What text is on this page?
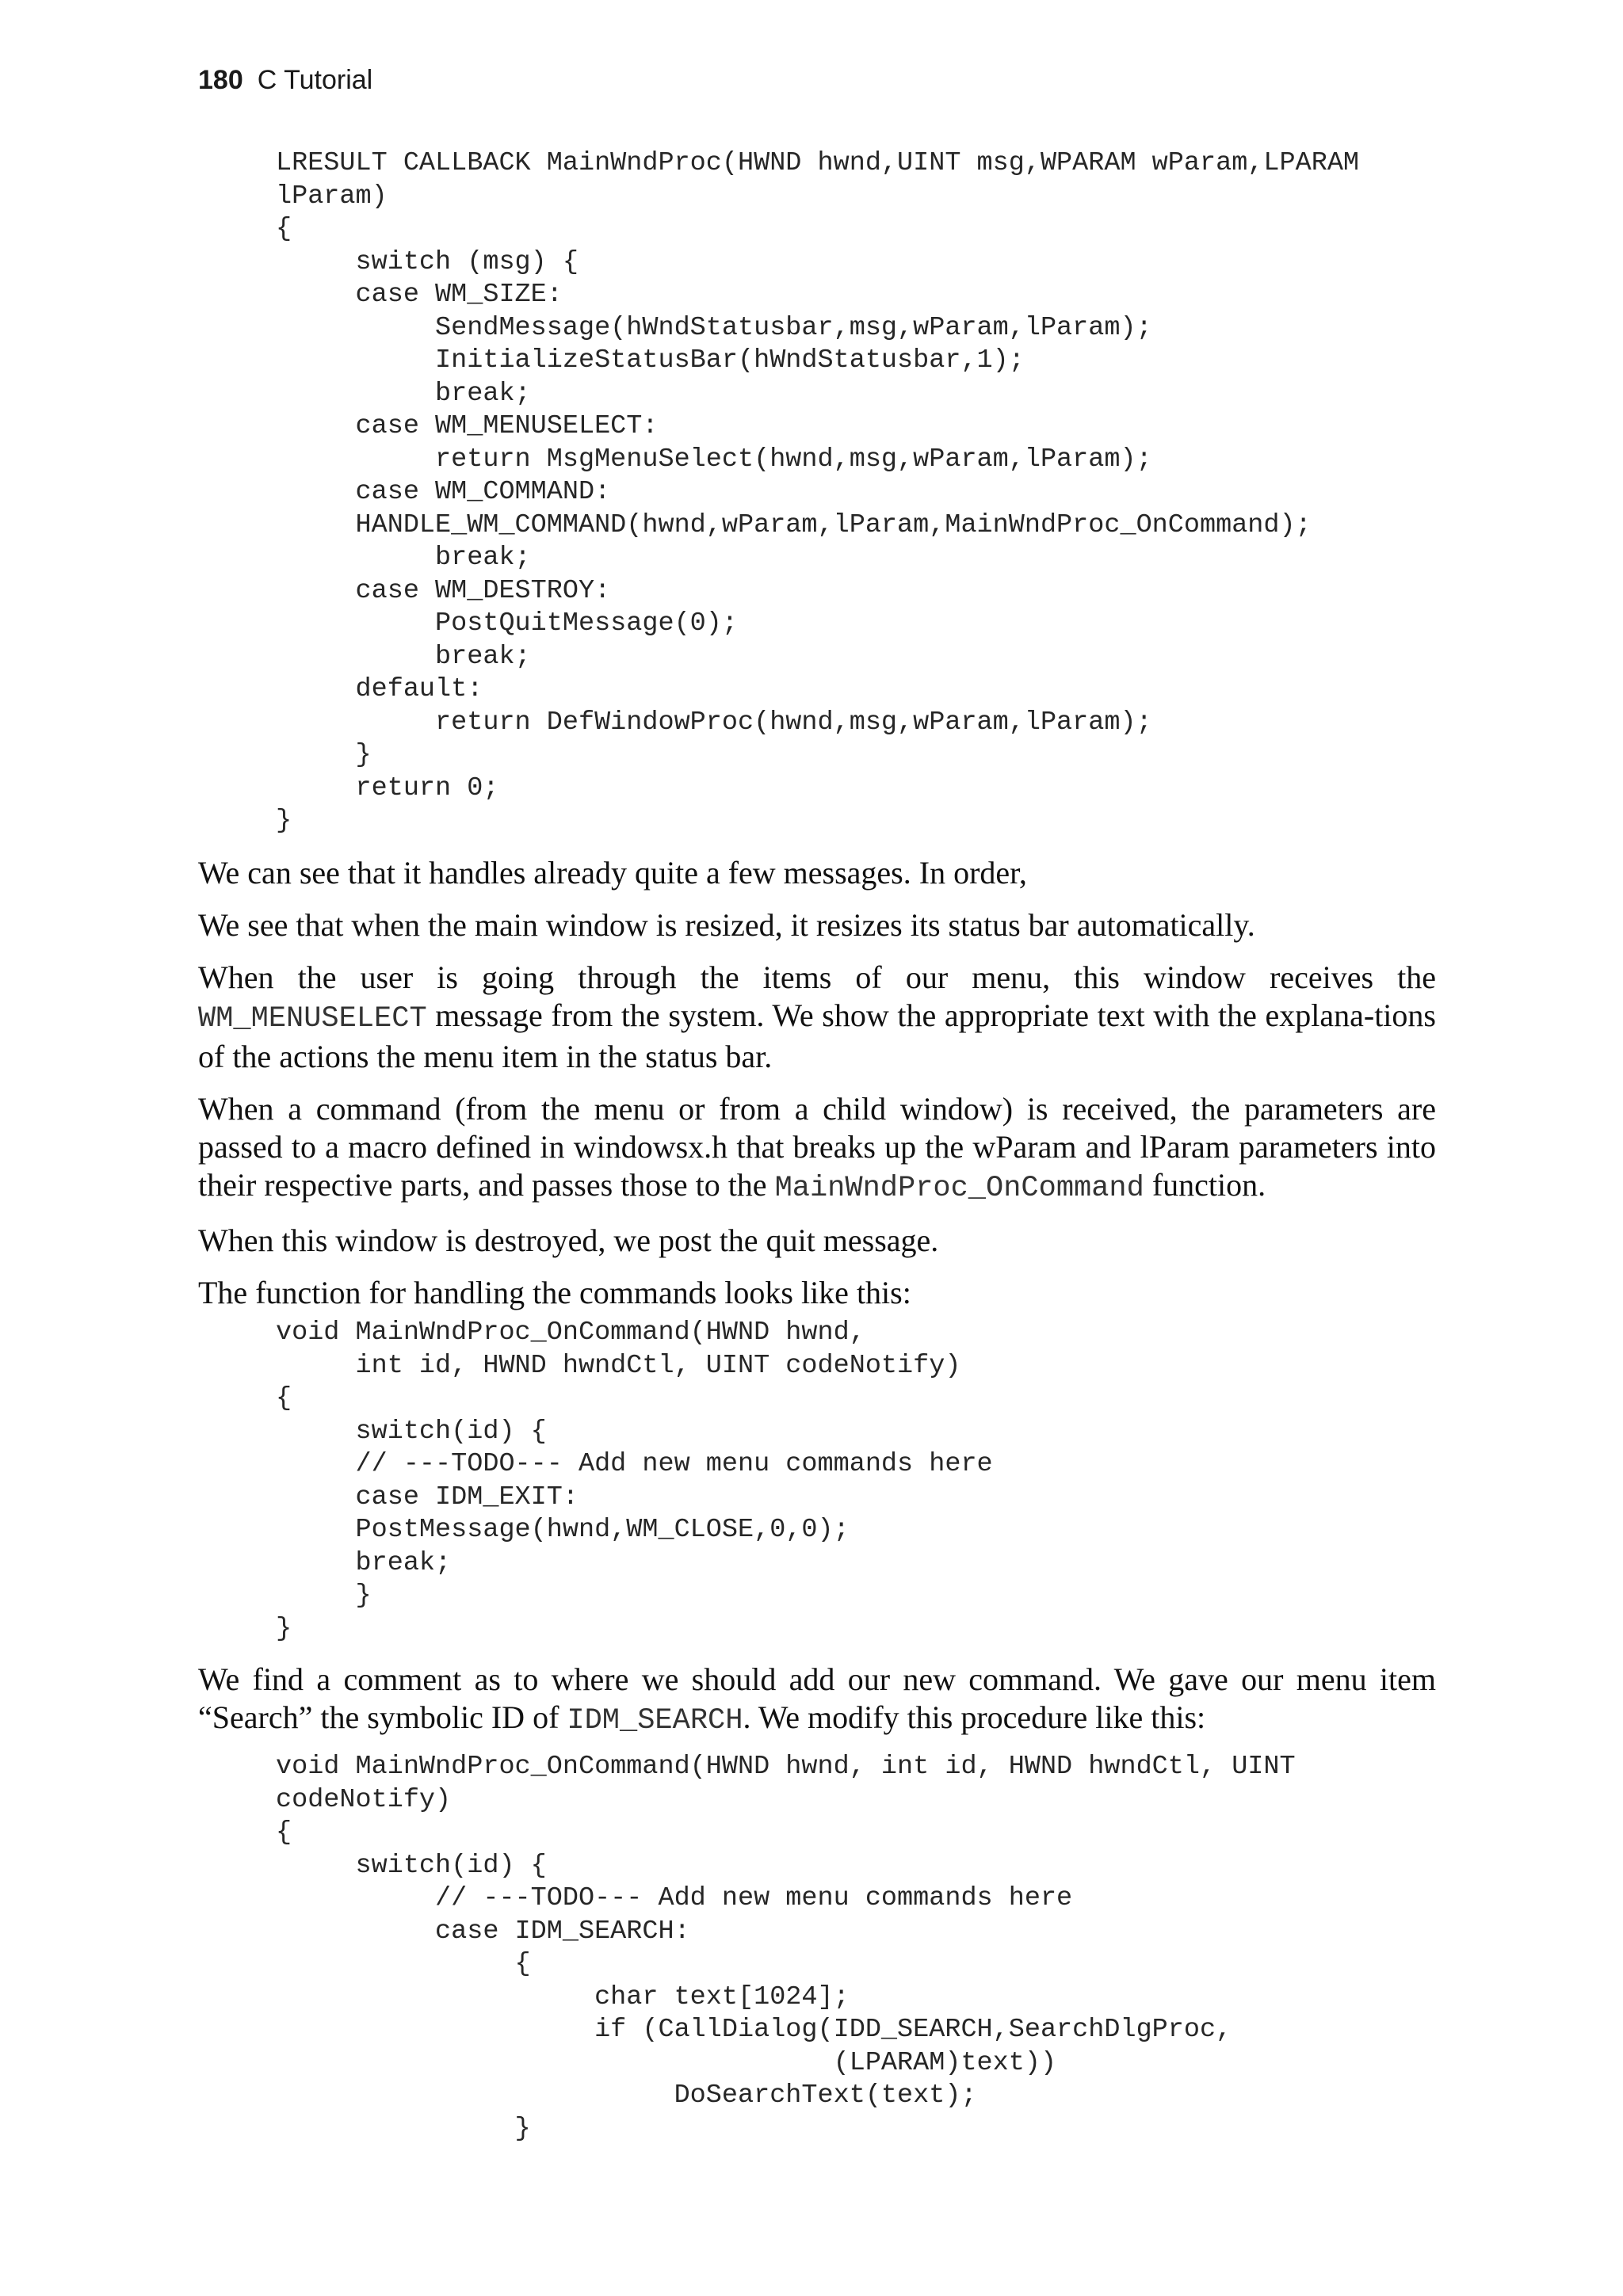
180 C Tutorial
LRESULT CALLBACK MainWndProc(HWND hwnd,UINT msg,WPARAM wParam,LPARAM
lParam)
{
switch (msg) {
case WM_SIZE:
SendMessage(hWndStatusbar,msg,wParam,lParam);
InitializeStatusBar(hWndStatusbar,1);
break;
case WM_MENUSELECT:
return MsgMenuSelect(hwnd,msg,wParam,lParam);
case WM_COMMAND:
HANDLE_WM_COMMAND(hwnd,wParam,lParam,MainWndProc_OnCommand);
break;
case WM_DESTROY:
PostQuitMessage(0);
break;
default:
return DefWindowProc(hwnd,msg,wParam,lParam);
}
return 0;
}

We can see that it handles already quite a few messages. In order,

We see that when the main window is resized, it resizes its status bar automatically.

When the user is going through the items of our menu, this window receives the WM_MENUSELECT message from the system. We show the appropriate text with the explana-tions of the actions the menu item in the status bar.

When a command (from the menu or from a child window) is received, the parameters are passed to a macro defined in windowsx.h that breaks up the wParam and lParam parameters into their respective parts, and passes those to the MainWndProc_OnCommand function.

When this window is destroyed, we post the quit message.

The function for handling the commands looks like this:

void MainWndProc_OnCommand(HWND hwnd,
int id, HWND hwndCtl, UINT codeNotify)
{
switch(id) {
// ---TODO--- Add new menu commands here
case IDM_EXIT:
PostMessage(hwnd,WM_CLOSE,0,0);
break;
}
}

We find a comment as to where we should add our new command. We gave our menu item “Search” the symbolic ID of IDM_SEARCH. We modify this procedure like this:

void MainWndProc_OnCommand(HWND hwnd, int id, HWND hwndCtl, UINT
codeNotify)
{
switch(id) {
// ---TODO--- Add new menu commands here
case IDM_SEARCH:
{
char text[1024];
if (CallDialog(IDD_SEARCH,SearchDlgProc,
(LPARAM)text))
DoSearchText(text);
}
